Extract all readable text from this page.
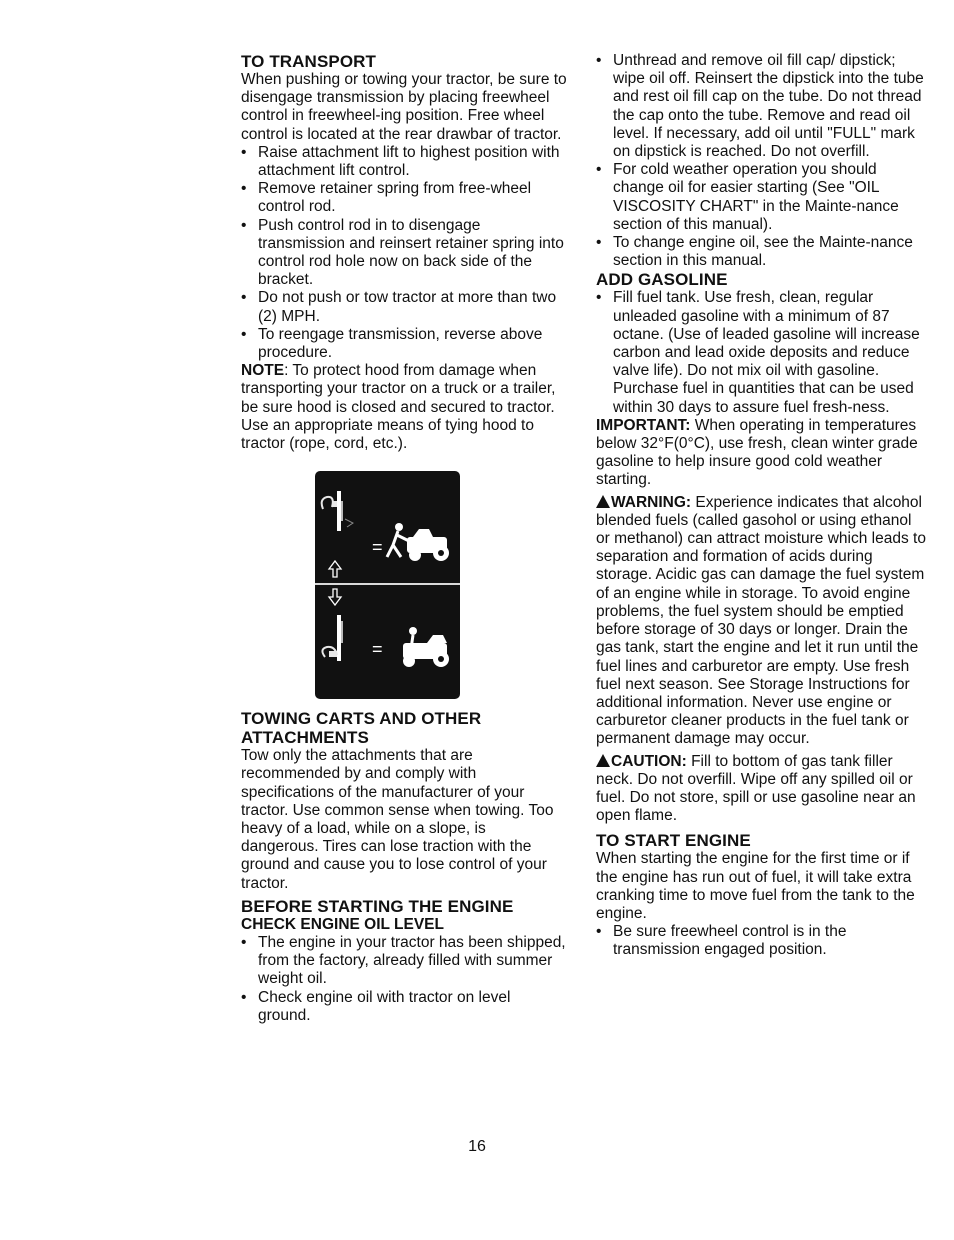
TO TRANSPORT

When pushing or towing your tractor, be sure to disengage transmission by placing freewheel control in freewheel-ing position. Free wheel control is located at the rear drawbar of tractor.

• Raise attachment lift to highest position with attachment lift control.
• Remove retainer spring from free-wheel control rod.
• Push control rod in to disengage transmission and reinsert retainer spring into control rod hole now on back side of the bracket.
• Do not push or tow tractor at more than two (2) MPH.
• To reengage transmission, reverse above procedure.

NOTE: To protect hood from damage when transporting your tractor on a truck or a trailer, be sure hood is closed and secured to tractor. Use an appropriate means of tying hood to tractor (rope, cord, etc.).

=
=
TOWING CARTS AND OTHER ATTACHMENTS

Tow only the attachments that are recommended by and comply with specifications of the manufacturer of your tractor. Use common sense when towing. Too heavy of a load, while on a slope, is dangerous. Tires can lose traction with the ground and cause you to lose control of your tractor.

BEFORE STARTING THE ENGINE
CHECK ENGINE OIL LEVEL
• The engine in your tractor has been shipped, from the factory, already filled with summer weight oil.
• Check engine oil with tractor on level ground.
• Unthread and remove oil fill cap/ dipstick; wipe oil off. Reinsert the dipstick into the tube and rest oil fill cap on the tube. Do not thread the cap onto the tube. Remove and read oil level. If necessary, add oil until "FULL" mark on dipstick is reached. Do not overfill.
• For cold weather operation you should change oil for easier starting (See "OIL VISCOSITY CHART" in the Mainte-nance section of this manual).
• To change engine oil, see the Mainte-nance section in this manual.
ADD GASOLINE
• Fill fuel tank. Use fresh, clean, regular unleaded gasoline with a minimum of 87 octane. (Use of leaded gasoline will increase carbon and lead oxide deposits and reduce valve life). Do not mix oil with gasoline. Purchase fuel in quantities that can be used within 30 days to assure fuel fresh-ness.

IMPORTANT: When operating in temperatures below 32°F(0°C), use fresh, clean winter grade gasoline to help insure good cold weather starting.

WARNING: Experience indicates that alcohol blended fuels (called gasohol or using ethanol or methanol) can attract moisture which leads to separation and formation of acids during storage. Acidic gas can damage the fuel system of an engine while in storage. To avoid engine problems, the fuel system should be emptied before storage of 30 days or longer. Drain the gas tank, start the engine and let it run until the fuel lines and carburetor are empty. Use fresh fuel next season. See Storage Instructions for additional information. Never use engine or carburetor cleaner products in the fuel tank or permanent damage may occur.

CAUTION: Fill to bottom of gas tank filler neck. Do not overfill. Wipe off any spilled oil or fuel. Do not store, spill or use gasoline near an open flame.

TO START ENGINE

When starting the engine for the first time or if the engine has run out of fuel, it will take extra cranking time to move fuel from the tank to the engine.

• Be sure freewheel control is in the transmission engaged position.
16
